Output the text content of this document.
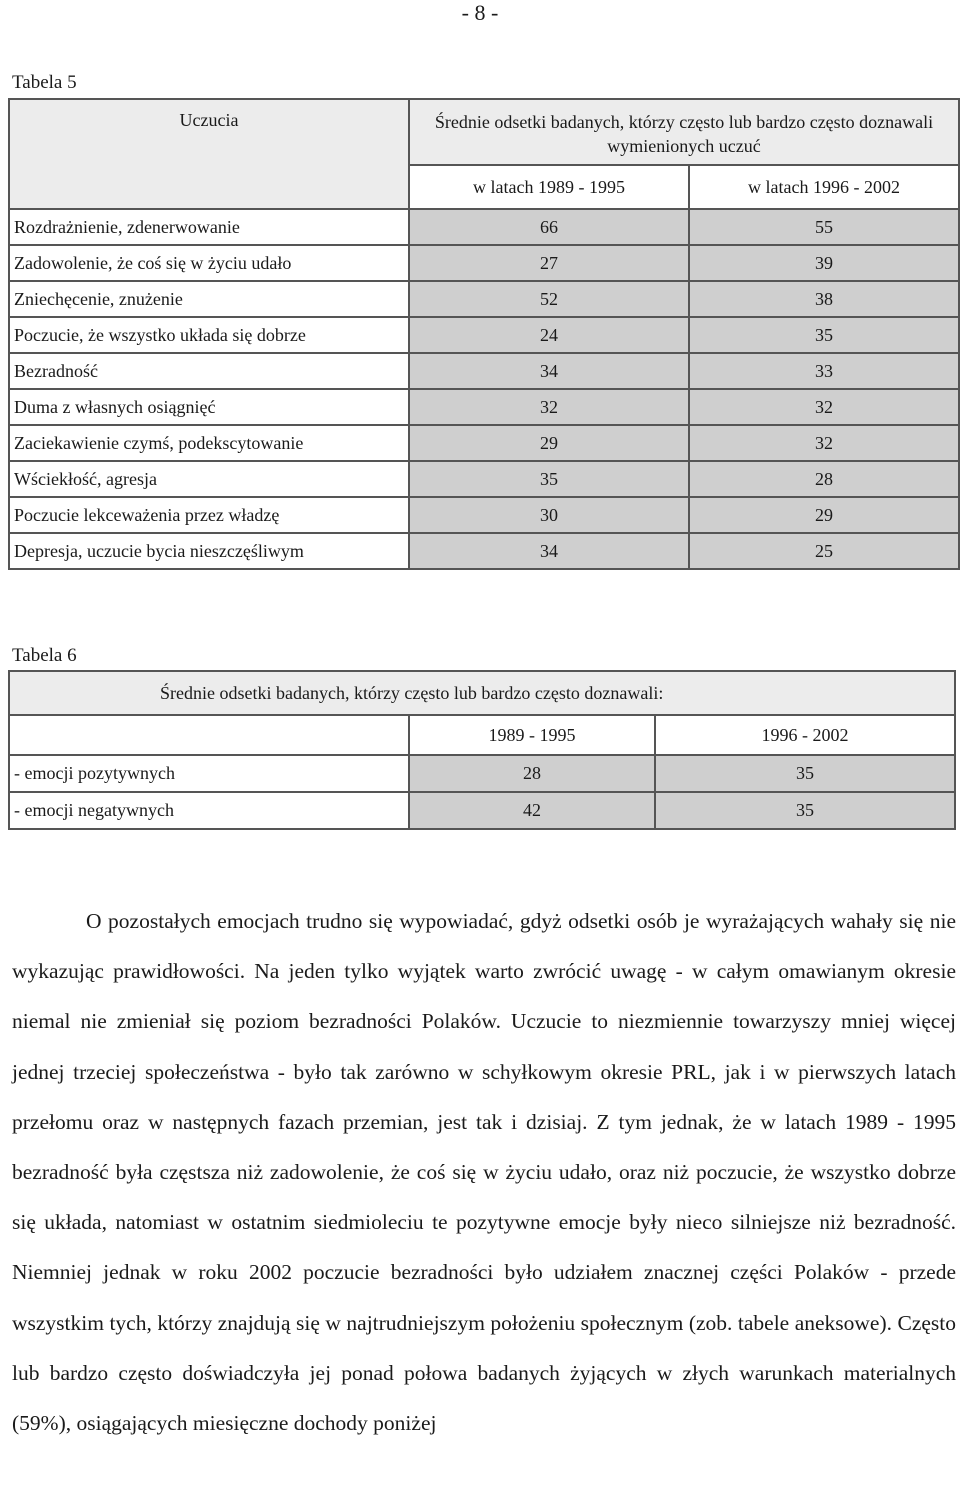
- 8 -
Tabela 5
Uczucia	Średnie odsetki badanych, którzy często lub bardzo często doznawali wymienionych uczuć	
	w latach 1989 - 1995	w latach 1996 - 2002
Rozdrażnienie, zdenerwowanie	66	55
Zadowolenie, że coś się w życiu udało	27	39
Zniechęcenie, znużenie	52	38
Poczucie, że wszystko układa się dobrze	24	35
Bezradność	34	33
Duma z własnych osiągnięć	32	32
Zaciekawienie czymś, podekscytowanie	29	32
Wściekłość, agresja	35	28
Poczucie lekceważenia przez władzę	30	29
Depresja, uczucie bycia nieszczęśliwym	34	25
Tabela 6
Średnie odsetki badanych, którzy często lub bardzo często doznawali:		
	1989 - 1995	1996 - 2002
- emocji pozytywnych	28	35
- emocji negatywnych	42	35

O pozostałych emocjach trudno się wypowiadać, gdyż odsetki osób je wyrażających wahały się nie wykazując prawidłowości. Na jeden tylko wyjątek warto zwrócić uwagę - w całym omawianym okresie niemal nie zmieniał się poziom bezradności Polaków. Uczucie to niezmiennie towarzyszy mniej więcej jednej trzeciej społeczeństwa - było tak zarówno w schyłkowym okresie PRL, jak i w pierwszych latach przełomu oraz w następnych fazach przemian, jest tak i dzisiaj. Z tym jednak, że w latach 1989 - 1995 bezradność była częstsza niż zadowolenie, że coś się w życiu udało, oraz niż poczucie, że wszystko dobrze się układa, natomiast w ostatnim siedmioleciu te pozytywne emocje były nieco silniejsze niż bezradność. Niemniej jednak w roku 2002 poczucie bezradności było udziałem znacznej części Polaków - przede wszystkim tych, którzy znajdują się w najtrudniejszym położeniu społecznym (zob. tabele aneksowe). Często lub bardzo często doświadczyła jej ponad połowa badanych żyjących w złych warunkach materialnych (59%), osiągających miesięczne dochody poniżej
